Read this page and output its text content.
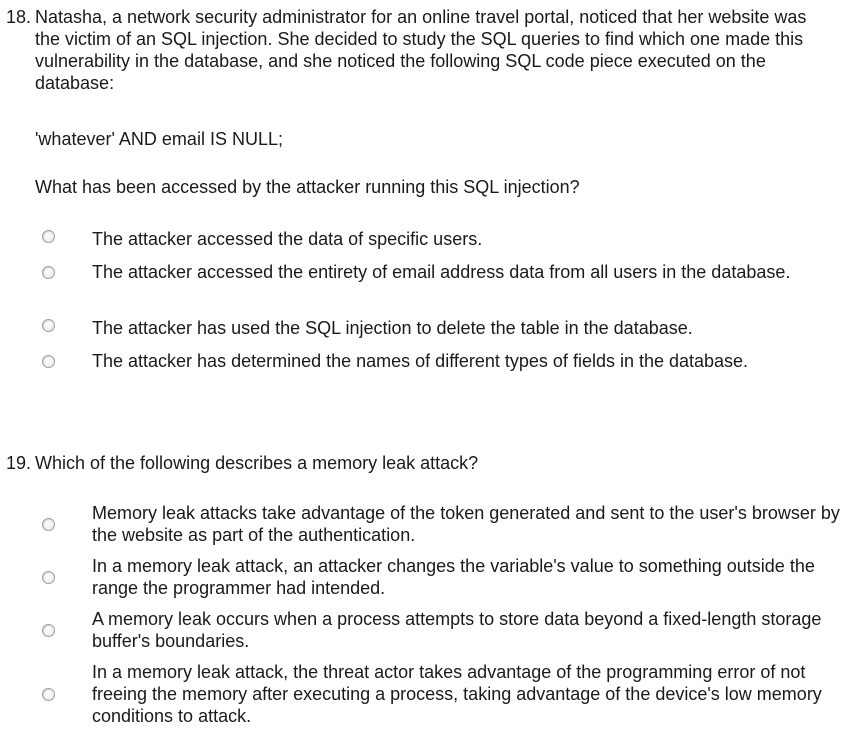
18. Natasha, a network security administrator for an online travel portal, noticed that her website was the victim of an SQL injection. She decided to study the SQL queries to find which one made this vulnerability in the database, and she noticed the following SQL code piece executed on the database:

'whatever' AND email IS NULL;

What has been accessed by the attacker running this SQL injection?

The attacker accessed the data of specific users.
The attacker accessed the entirety of email address data from all users in the database.
The attacker has used the SQL injection to delete the table in the database.
The attacker has determined the names of different types of fields in the database.
19. Which of the following describes a memory leak attack?

Memory leak attacks take advantage of the token generated and sent to the user's browser by the website as part of the authentication.
In a memory leak attack, an attacker changes the variable's value to something outside the range the programmer had intended.
A memory leak occurs when a process attempts to store data beyond a fixed-length storage buffer's boundaries.
In a memory leak attack, the threat actor takes advantage of the programming error of not freeing the memory after executing a process, taking advantage of the device's low memory conditions to attack.
